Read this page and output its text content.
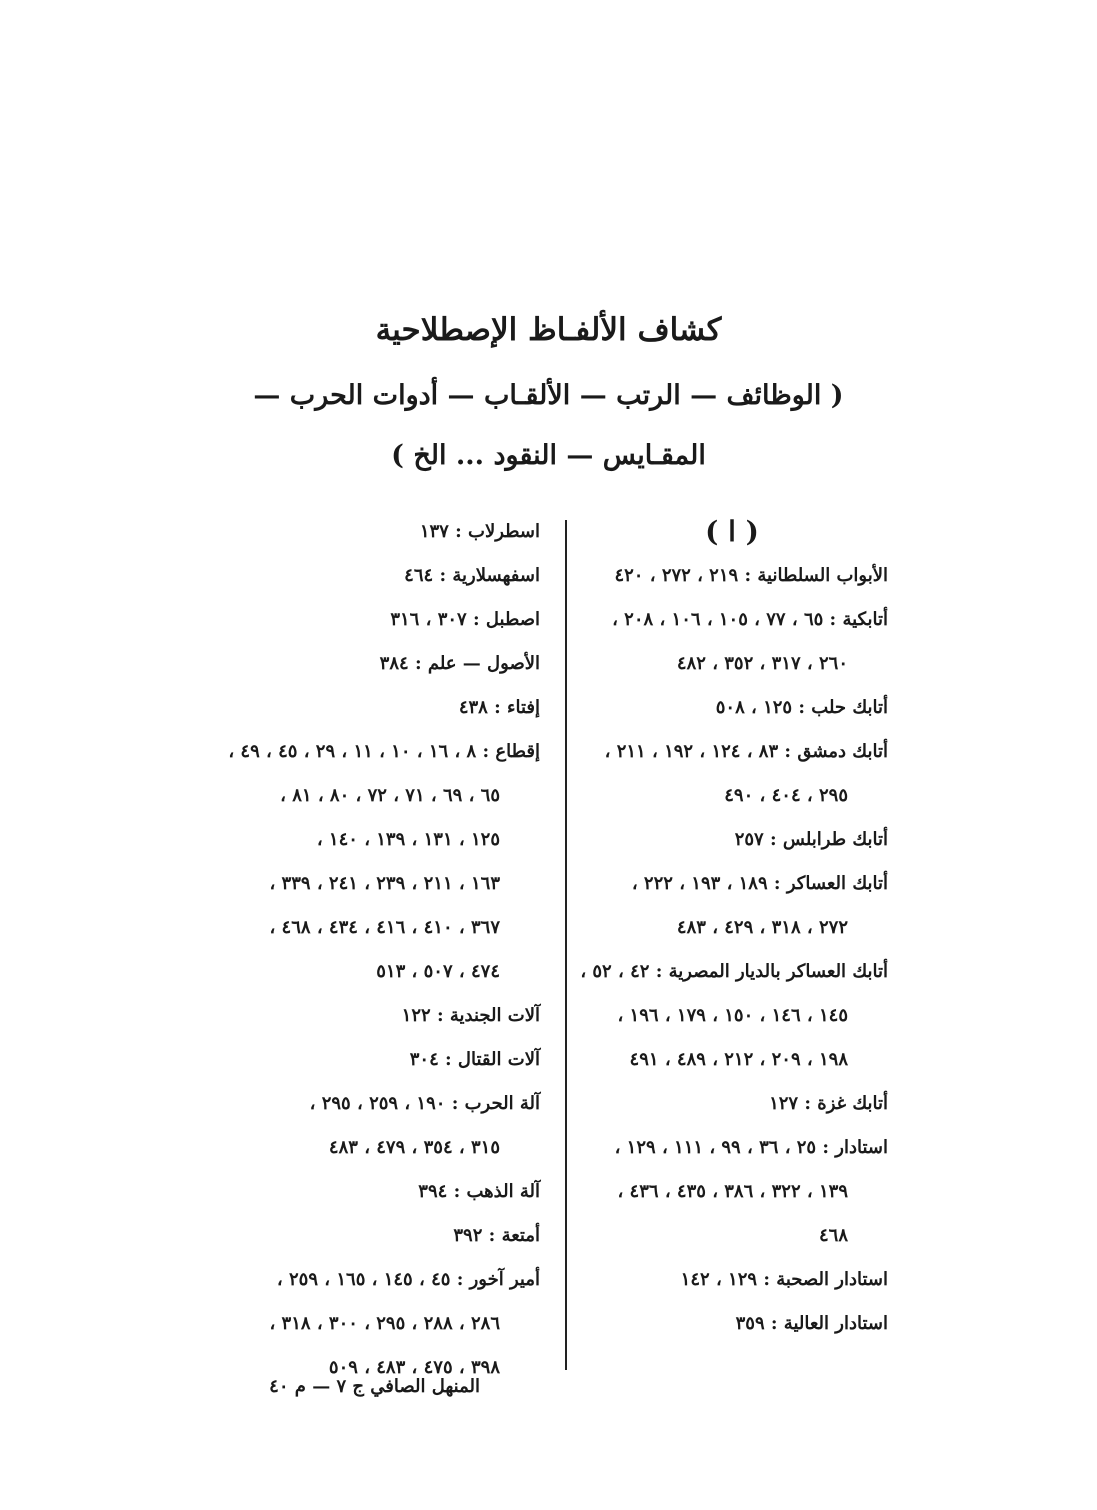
كشاف الألفـاظ الإصطلاحية
( الوظائف — الرتب — الألقـاب — أدوات الحرب —
المقـايس — النقود ... الخ )

( ا )

الأبواب السلطانية : ٢١٩ ، ٢٧٢ ، ٤٢٠
أتابكية : ٦٥ ، ٧٧ ، ١٠٥ ، ١٠٦ ، ٢٠٨ ،
٢٦٠ ، ٣١٧ ، ٣٥٢ ، ٤٨٢
أتابك حلب : ١٢٥ ، ٥٠٨
أتابك دمشق : ٨٣ ، ١٢٤ ، ١٩٢ ، ٢١١ ،
٢٩٥ ، ٤٠٤ ، ٤٩٠
أتابك طرابلس : ٢٥٧
أتابك العساكر : ١٨٩ ، ١٩٣ ، ٢٢٢ ،
٢٧٢ ، ٣١٨ ، ٤٢٩ ، ٤٨٣
أتابك العساكر بالديار المصرية : ٤٢ ، ٥٢ ،
١٤٥ ، ١٤٦ ، ١٥٠ ، ١٧٩ ، ١٩٦ ،
١٩٨ ، ٢٠٩ ، ٢١٢ ، ٤٨٩ ، ٤٩١
أتابك غزة : ١٢٧
استادار : ٢٥ ، ٣٦ ، ٩٩ ، ١١١ ، ١٢٩ ،
١٣٩ ، ٣٢٢ ، ٣٨٦ ، ٤٣٥ ، ٤٣٦ ،
٤٦٨
استادار الصحبة : ١٢٩ ، ١٤٢
استادار العالية : ٣٥٩
اسطرلاب : ١٣٧
اسفهسلارية : ٤٦٤
اصطبل : ٣٠٧ ، ٣١٦
الأصول — علم : ٣٨٤
إفتاء : ٤٣٨
إقطاع : ٨ ، ١٦ ، ١٠ ، ١١ ، ٢٩ ، ٤٥ ، ٤٩ ،
٦٥ ، ٦٩ ، ٧١ ، ٧٢ ، ٨٠ ، ٨١ ،
١٢٥ ، ١٣١ ، ١٣٩ ، ١٤٠ ،
١٦٣ ، ٢١١ ، ٢٣٩ ، ٢٤١ ، ٣٣٩ ،
٣٦٧ ، ٤١٠ ، ٤١٦ ، ٤٣٤ ، ٤٦٨ ،
٤٧٤ ، ٥٠٧ ، ٥١٣
آلات الجندية : ١٢٢
آلات القتال : ٣٠٤
آلة الحرب : ١٩٠ ، ٢٥٩ ، ٢٩٥ ،
٣١٥ ، ٣٥٤ ، ٤٧٩ ، ٤٨٣
آلة الذهب : ٣٩٤
أمتعة : ٣٩٢
أمير آخور : ٤٥ ، ١٤٥ ، ١٦٥ ، ٢٥٩ ،
٢٨٦ ، ٢٨٨ ، ٢٩٥ ، ٣٠٠ ، ٣١٨ ،
٣٩٨ ، ٤٧٥ ، ٤٨٣ ، ٥٠٩

المنهل الصافي ج ٧ — م ٤٠
